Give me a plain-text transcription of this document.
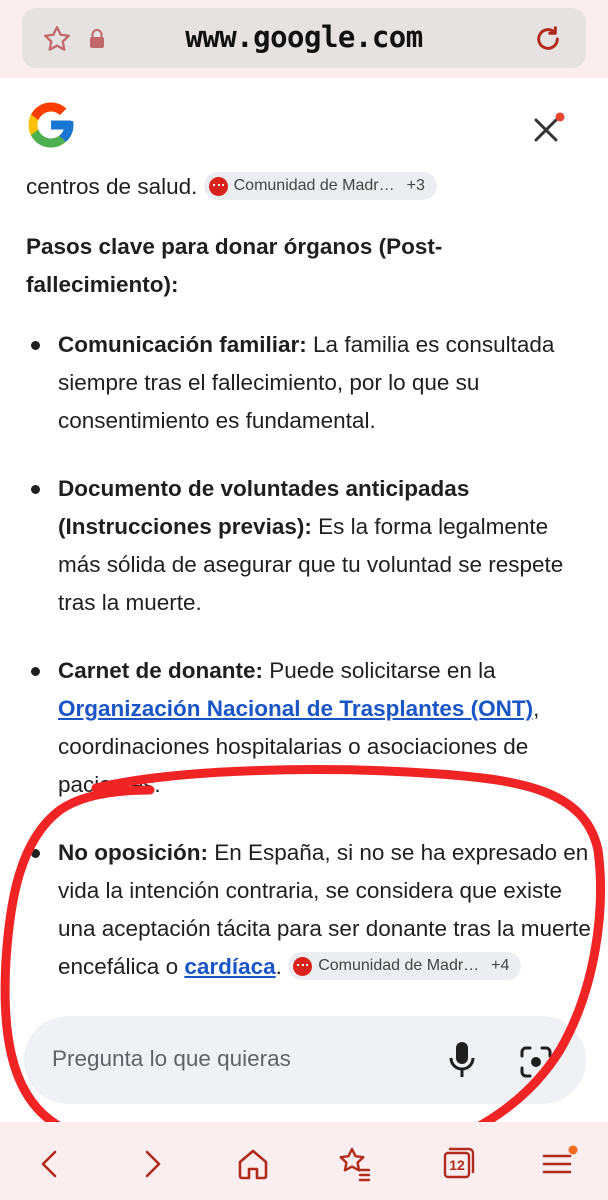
www.google.com
centros de salud. Comunidad de Madr… +3
Pasos clave para donar órganos (Post-fallecimiento):
Comunicación familiar: La familia es consultada siempre tras el fallecimiento, por lo que su consentimiento es fundamental.
Documento de voluntades anticipadas (Instrucciones previas): Es la forma legalmente más sólida de asegurar que tu voluntad se respete tras la muerte.
Carnet de donante: Puede solicitarse en la Organización Nacional de Trasplantes (ONT), coordinaciones hospitalarias o asociaciones de pacientes.
No oposición: En España, si no se ha expresado en vida la intención contraria, se considera que existe una aceptación tácita para ser donante tras la muerte encefálica o cardíaca. Comunidad de Madr… +4
Pregunta lo que quieras
12
